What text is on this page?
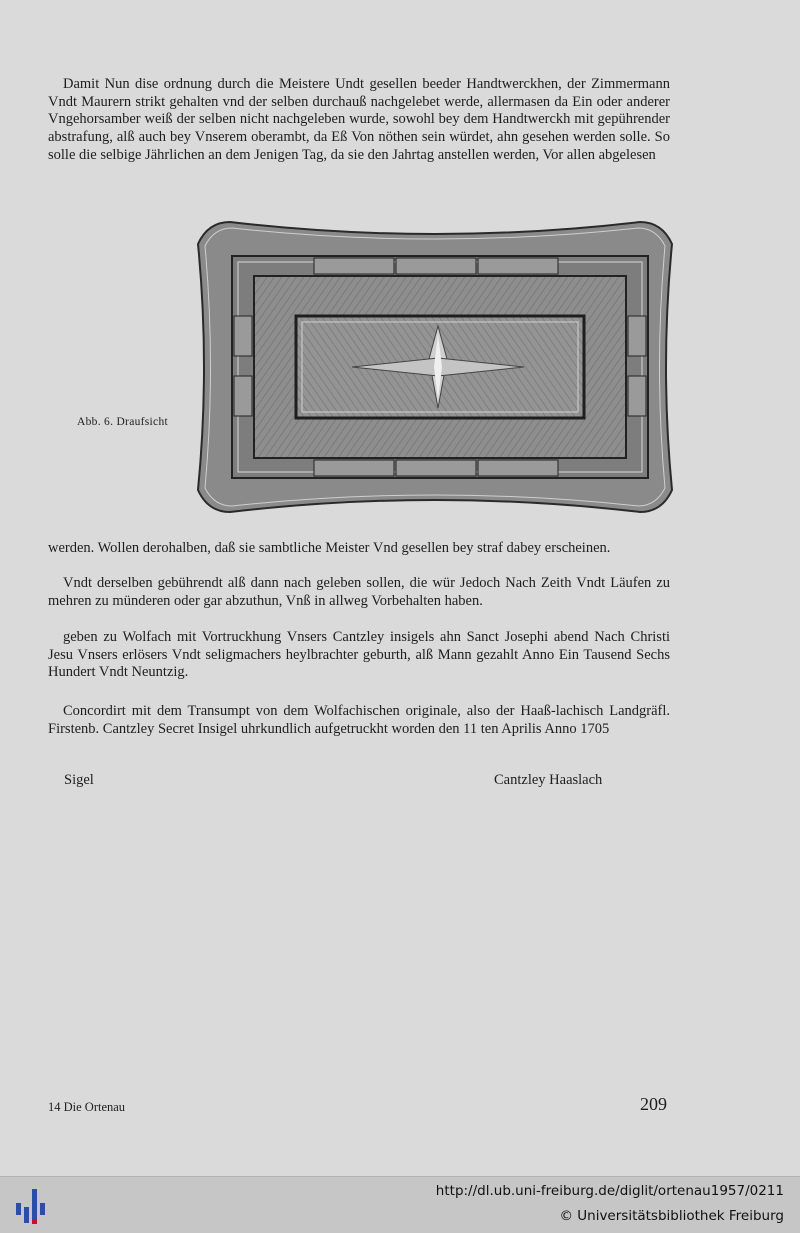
Damit Nun dise ordnung durch die Meistere Undt gesellen beeder Handtwerckhen, der Zimmermann Vndt Maurern strikt gehalten vnd der selben durchauß nachgelebet werde, allermasen da Ein oder anderer Vngehorsamber weiß der selben nicht nachgeleben wurde, sowohl bey dem Handtwerckh mit gepührender abstrafung, alß auch bey Vnserem oberambt, da Eß Von nöthen sein würdet, ahn gesehen werden solle. So solle die selbige Jährlichen an dem Jenigen Tag, da sie den Jahrtag anstellen werden, Vor allen abgelesen

Abb. 6. Draufsicht

werden. Wollen derohalben, daß sie sambtliche Meister Vnd gesellen bey straf dabey erscheinen.

Vndt derselben gebührendt alß dann nach geleben sollen, die wür Jedoch Nach Zeith Vndt Läufen zu mehren zu münderen oder gar abzuthun, Vnß in allweg Vorbehalten haben.

geben zu Wolfach mit Vortruckhung Vnsers Cantzley insigels ahn Sanct Josephi abend Nach Christi Jesu Vnsers erlösers Vndt seligmachers heylbrachter geburth, alß Mann gezahlt Anno Ein Tausend Sechs Hundert Vndt Neuntzig.

Concordirt mit dem Transumpt von dem Wolfachischen originale, also der Haaß-lachisch Landgräfl. Firstenb. Cantzley Secret Insigel uhrkundlich aufgetruckht worden den 11 ten Aprilis Anno 1705

Sigel	Cantzley Haaslach
14 Die Ortenau	209
http://dl.ub.uni-freiburg.de/diglit/ortenau1957/0211
© Universitätsbibliothek Freiburg
